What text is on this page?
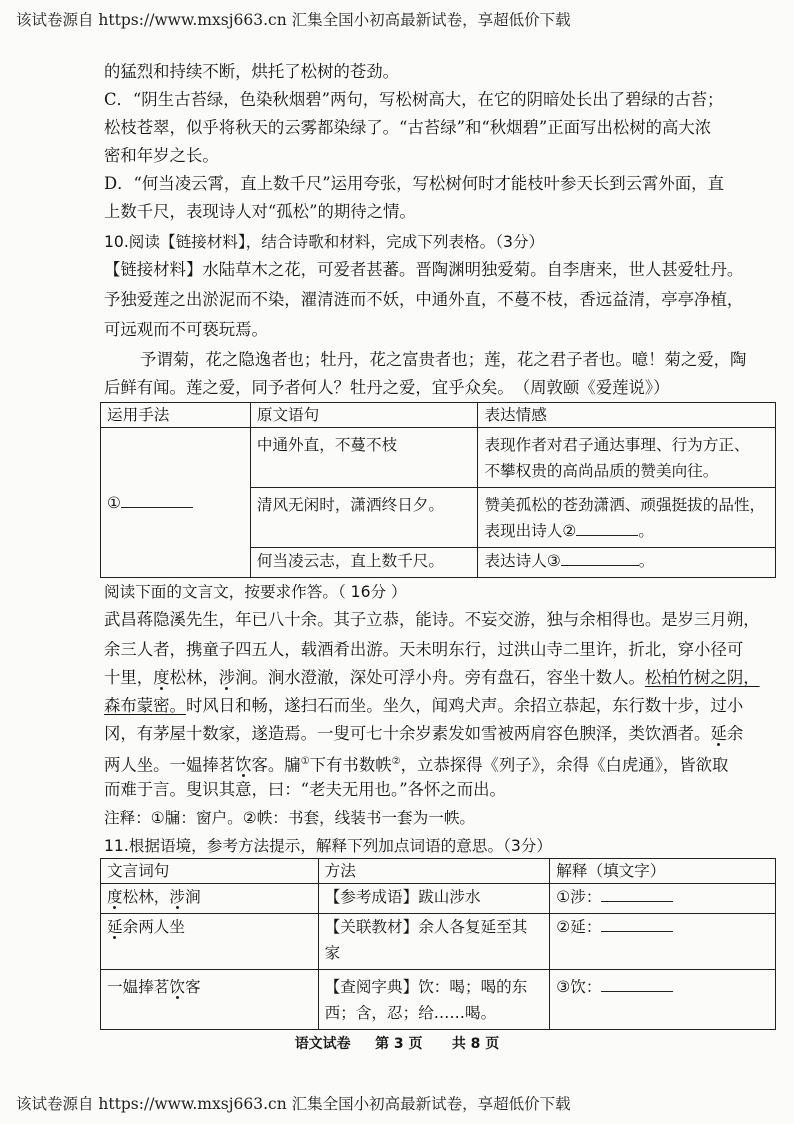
该试卷源自 https://www.mxsj663.cn 汇集全国小初高最新试卷，享超低价下载
的猛烈和持续不断，烘托了松树的苍劲。
C．“阴生古苔绿，色染秋烟碧”两句，写松树高大，在它的阴暗处长出了碧绿的古苔；
松枝苍翠，似乎将秋天的云雾都染绿了。“古苔绿”和“秋烟碧”正面写出松树的高大浓
密和年岁之长。
D．“何当凌云霄，直上数千尺”运用夸张，写松树何时才能枝叶参天长到云霄外面，直
上数千尺，表现诗人对“孤松”的期待之情。
10.阅读【链接材料】，结合诗歌和材料，完成下列表格。（3分）
【链接材料】水陆草木之花，可爱者甚蕃。晋陶渊明独爱菊。自李唐来，世人甚爱牡丹。
予独爱莲之出淤泥而不染，濯清涟而不妖，中通外直，不蔓不枝，香远益清，亭亭净植，
可远观而不可亵玩焉。
予谓菊，花之隐逸者也；牡丹，花之富贵者也；莲，花之君子者也。噫！菊之爱，陶
后鲜有闻。莲之爱，同予者何人？牡丹之爱，宜乎众矣。　（周敦颐《爱莲说》）
运用手法	原文语句	表达情感
①	中通外直，不蔓不枝	表现作者对君子通达事理、行为方正、
不攀权贵的高尚品质的赞美向往。

	清风无闲时，潇洒终日夕。	赞美孤松的苍劲潇洒、顽强挺拔的品性，
表现出诗人② 。

	何当凌云志，直上数千尺。	表达诗人③ 。
阅读下面的文言文，按要求作答。（ 16分 ）
武昌蒋隐溪先生，年已八十余。其子立恭，能诗。不妄交游，独与余相得也。是岁三月朔，
余三人者，携童子四五人，载酒肴出游。天未明东行，过洪山寺二里许，折北，穿小径可
十里，度松林，涉涧。涧水澄澈，深处可浮小舟。旁有盘石，容坐十数人。松柏竹树之阴，
森布蒙密。时风日和畅，遂扫石而坐。坐久，闻鸡犬声。余招立恭起，东行数十步，过小
冈，有茅屋十数家，遂造焉。一叟可七十余岁素发如雪被两肩容色腴泽，类饮酒者。延余
两人坐。一媪捧茗饮客。牖①下有书数帙②，立恭探得《列子》，余得《白虎通》，皆欲取
而难于言。叟识其意，曰：“老夫无用也。”各怀之而出。
注释：①牖：窗户。②帙：书套，线装书一套为一帙。
11.根据语境，参考方法提示，解释下列加点词语的意思。（3分）
文言词句	方法	解释（填文字）
度松林，涉涧	【参考成语】跋山涉水	①涉：
延余两人坐	【关联教材】余人各复延至其
家	②延：
一媪捧茗饮客	【查阅字典】饮：喝；喝的东
西；含，忍；给……喝。	③饮：
语文试卷 第 3 页 共 8 页
该试卷源自 https://www.mxsj663.cn 汇集全国小初高最新试卷，享超低价下载
